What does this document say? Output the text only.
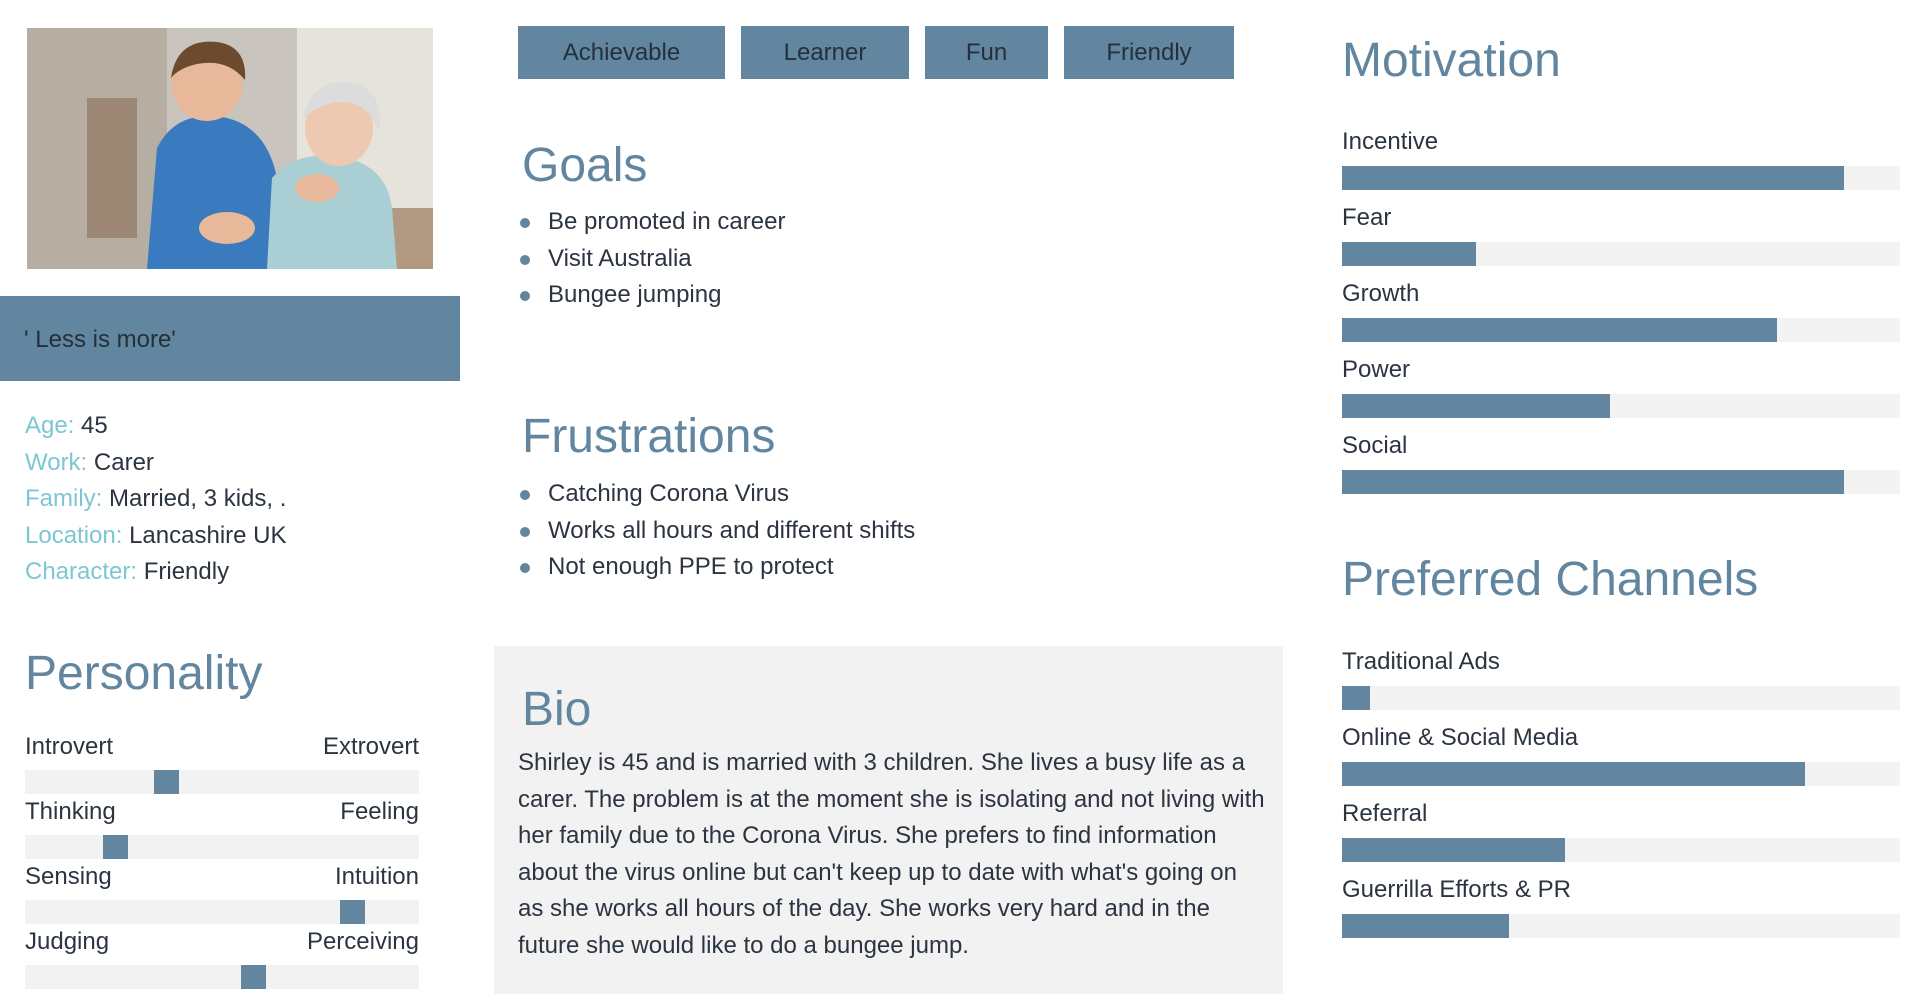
' Less is more'
Age: 45
Work: Carer
Family: Married, 3 kids, .
Location: Lancashire UK
Character: Friendly
Personality
Introvert	Extrovert
Thinking	Feeling
Sensing	Intuition
Judging	Perceiving
Achievable	Learner	Fun	Friendly
Goals
Be promoted in career
Visit Australia
Bungee jumping
Frustrations
Catching Corona Virus
Works all hours and different shifts
Not enough PPE to protect
Bio

Shirley is 45 and is married with 3 children. She lives a busy life as a carer. The problem is at the moment she is isolating and not living with her family due to the Corona Virus. She prefers to find information about the virus online but can't keep up to date with what's going on as she works all hours of the day. She works very hard and in the future she would like to do a bungee jump.

Motivation
Incentive
Fear
Growth
Power
Social
Preferred Channels
Traditional Ads
Online & Social Media
Referral
Guerrilla Efforts & PR
